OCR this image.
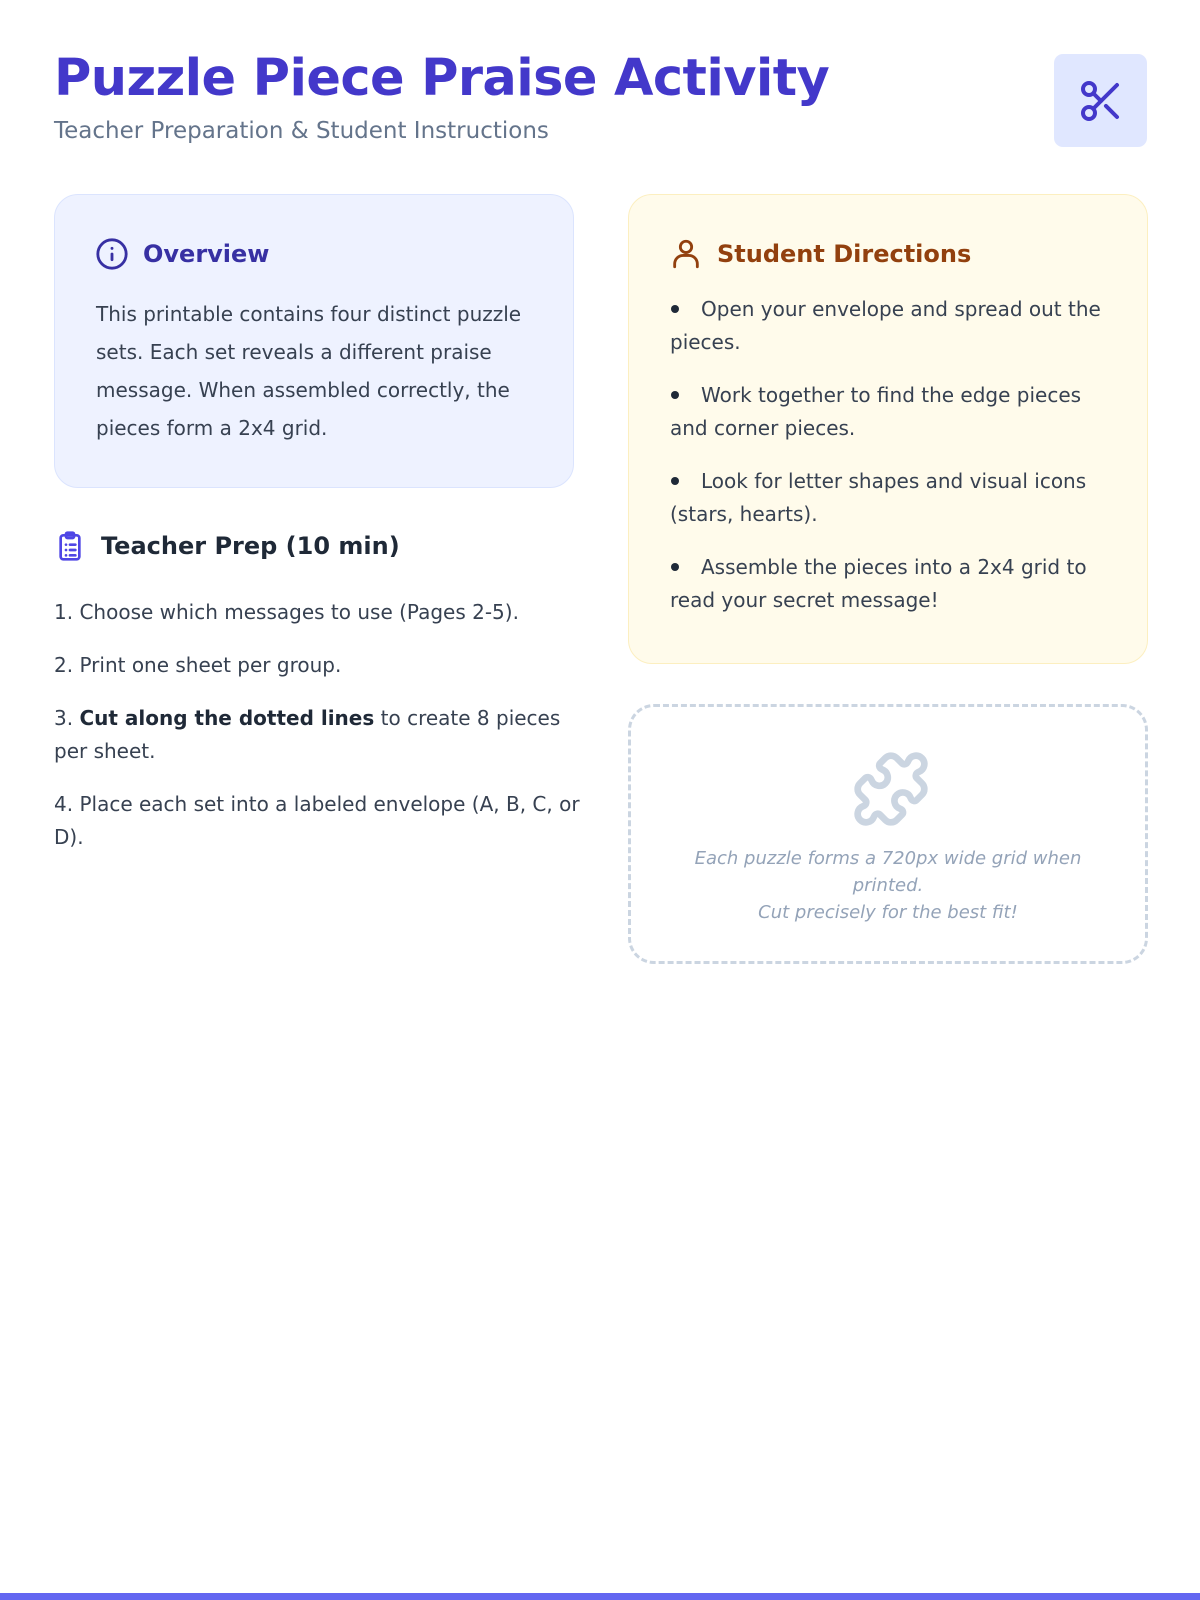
Puzzle Piece Praise Activity

Teacher Preparation & Student Instructions

Overview

This printable contains four distinct puzzle sets. Each set reveals a different praise message. When assembled correctly, the pieces form a 2x4 grid.

Teacher Prep (10 min)
1. Choose which messages to use (Pages 2-5).
2. Print one sheet per group.
3. Cut along the dotted lines to create 8 pieces per sheet.
4. Place each set into a labeled envelope (A, B, C, or D).
Student Directions
Open your envelope and spread out the pieces.
Work together to find the edge pieces and corner pieces.
Look for letter shapes and visual icons (stars, hearts).
Assemble the pieces into a 2x4 grid to read your secret message!

Each puzzle forms a 720px wide grid when printed.
Cut precisely for the best fit!
